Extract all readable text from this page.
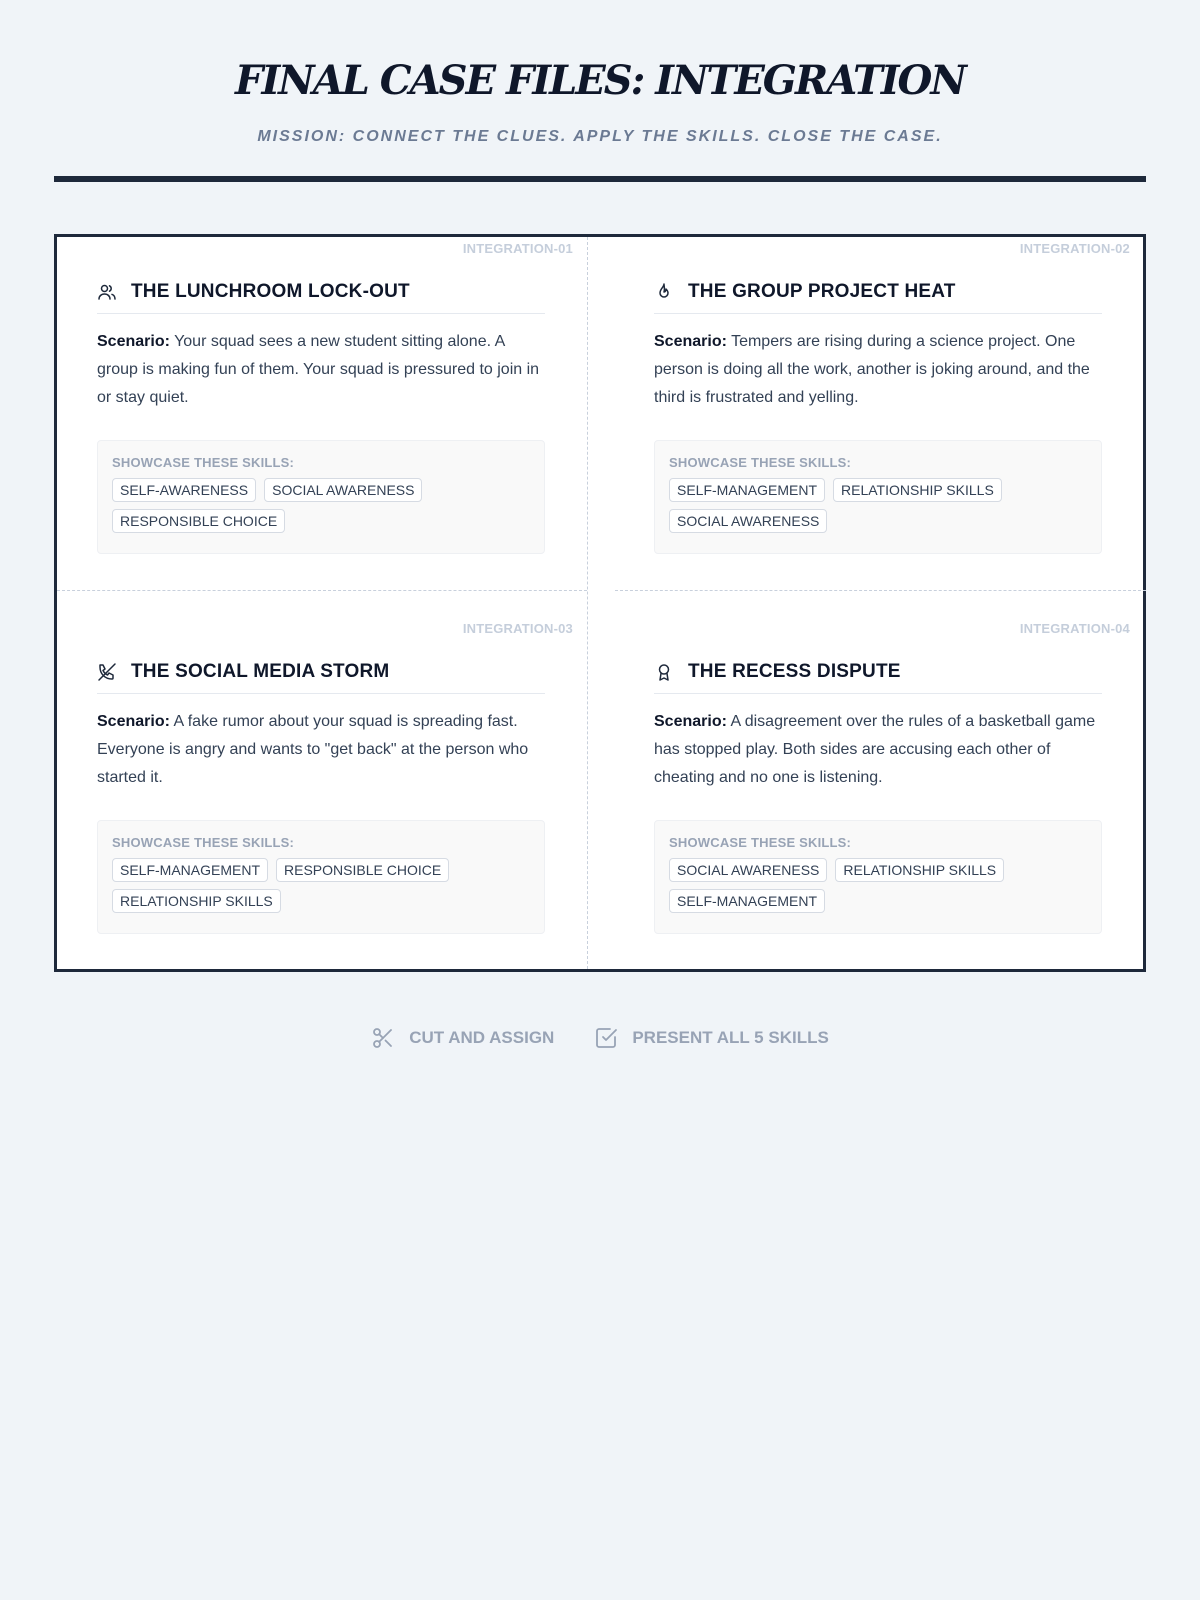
FINAL CASE FILES: INTEGRATION
MISSION: CONNECT THE CLUES. APPLY THE SKILLS. CLOSE THE CASE.
INTEGRATION-01
THE LUNCHROOM LOCK-OUT
Scenario: Your squad sees a new student sitting alone. A group is making fun of them. Your squad is pressured to join in or stay quiet.
SHOWCASE THESE SKILLS:
SELF-AWARENESS	SOCIAL AWARENESS
RESPONSIBLE CHOICE
INTEGRATION-02
THE GROUP PROJECT HEAT
Scenario: Tempers are rising during a science project. One person is doing all the work, another is joking around, and the third is frustrated and yelling.
SHOWCASE THESE SKILLS:
SELF-MANAGEMENT	RELATIONSHIP SKILLS
SOCIAL AWARENESS
INTEGRATION-03
THE SOCIAL MEDIA STORM
Scenario: A fake rumor about your squad is spreading fast. Everyone is angry and wants to "get back" at the person who started it.
SHOWCASE THESE SKILLS:
SELF-MANAGEMENT	RESPONSIBLE CHOICE
RELATIONSHIP SKILLS
INTEGRATION-04
THE RECESS DISPUTE
Scenario: A disagreement over the rules of a basketball game has stopped play. Both sides are accusing each other of cheating and no one is listening.
SHOWCASE THESE SKILLS:
SOCIAL AWARENESS	RELATIONSHIP SKILLS
SELF-MANAGEMENT
CUT AND ASSIGN	PRESENT ALL 5 SKILLS
